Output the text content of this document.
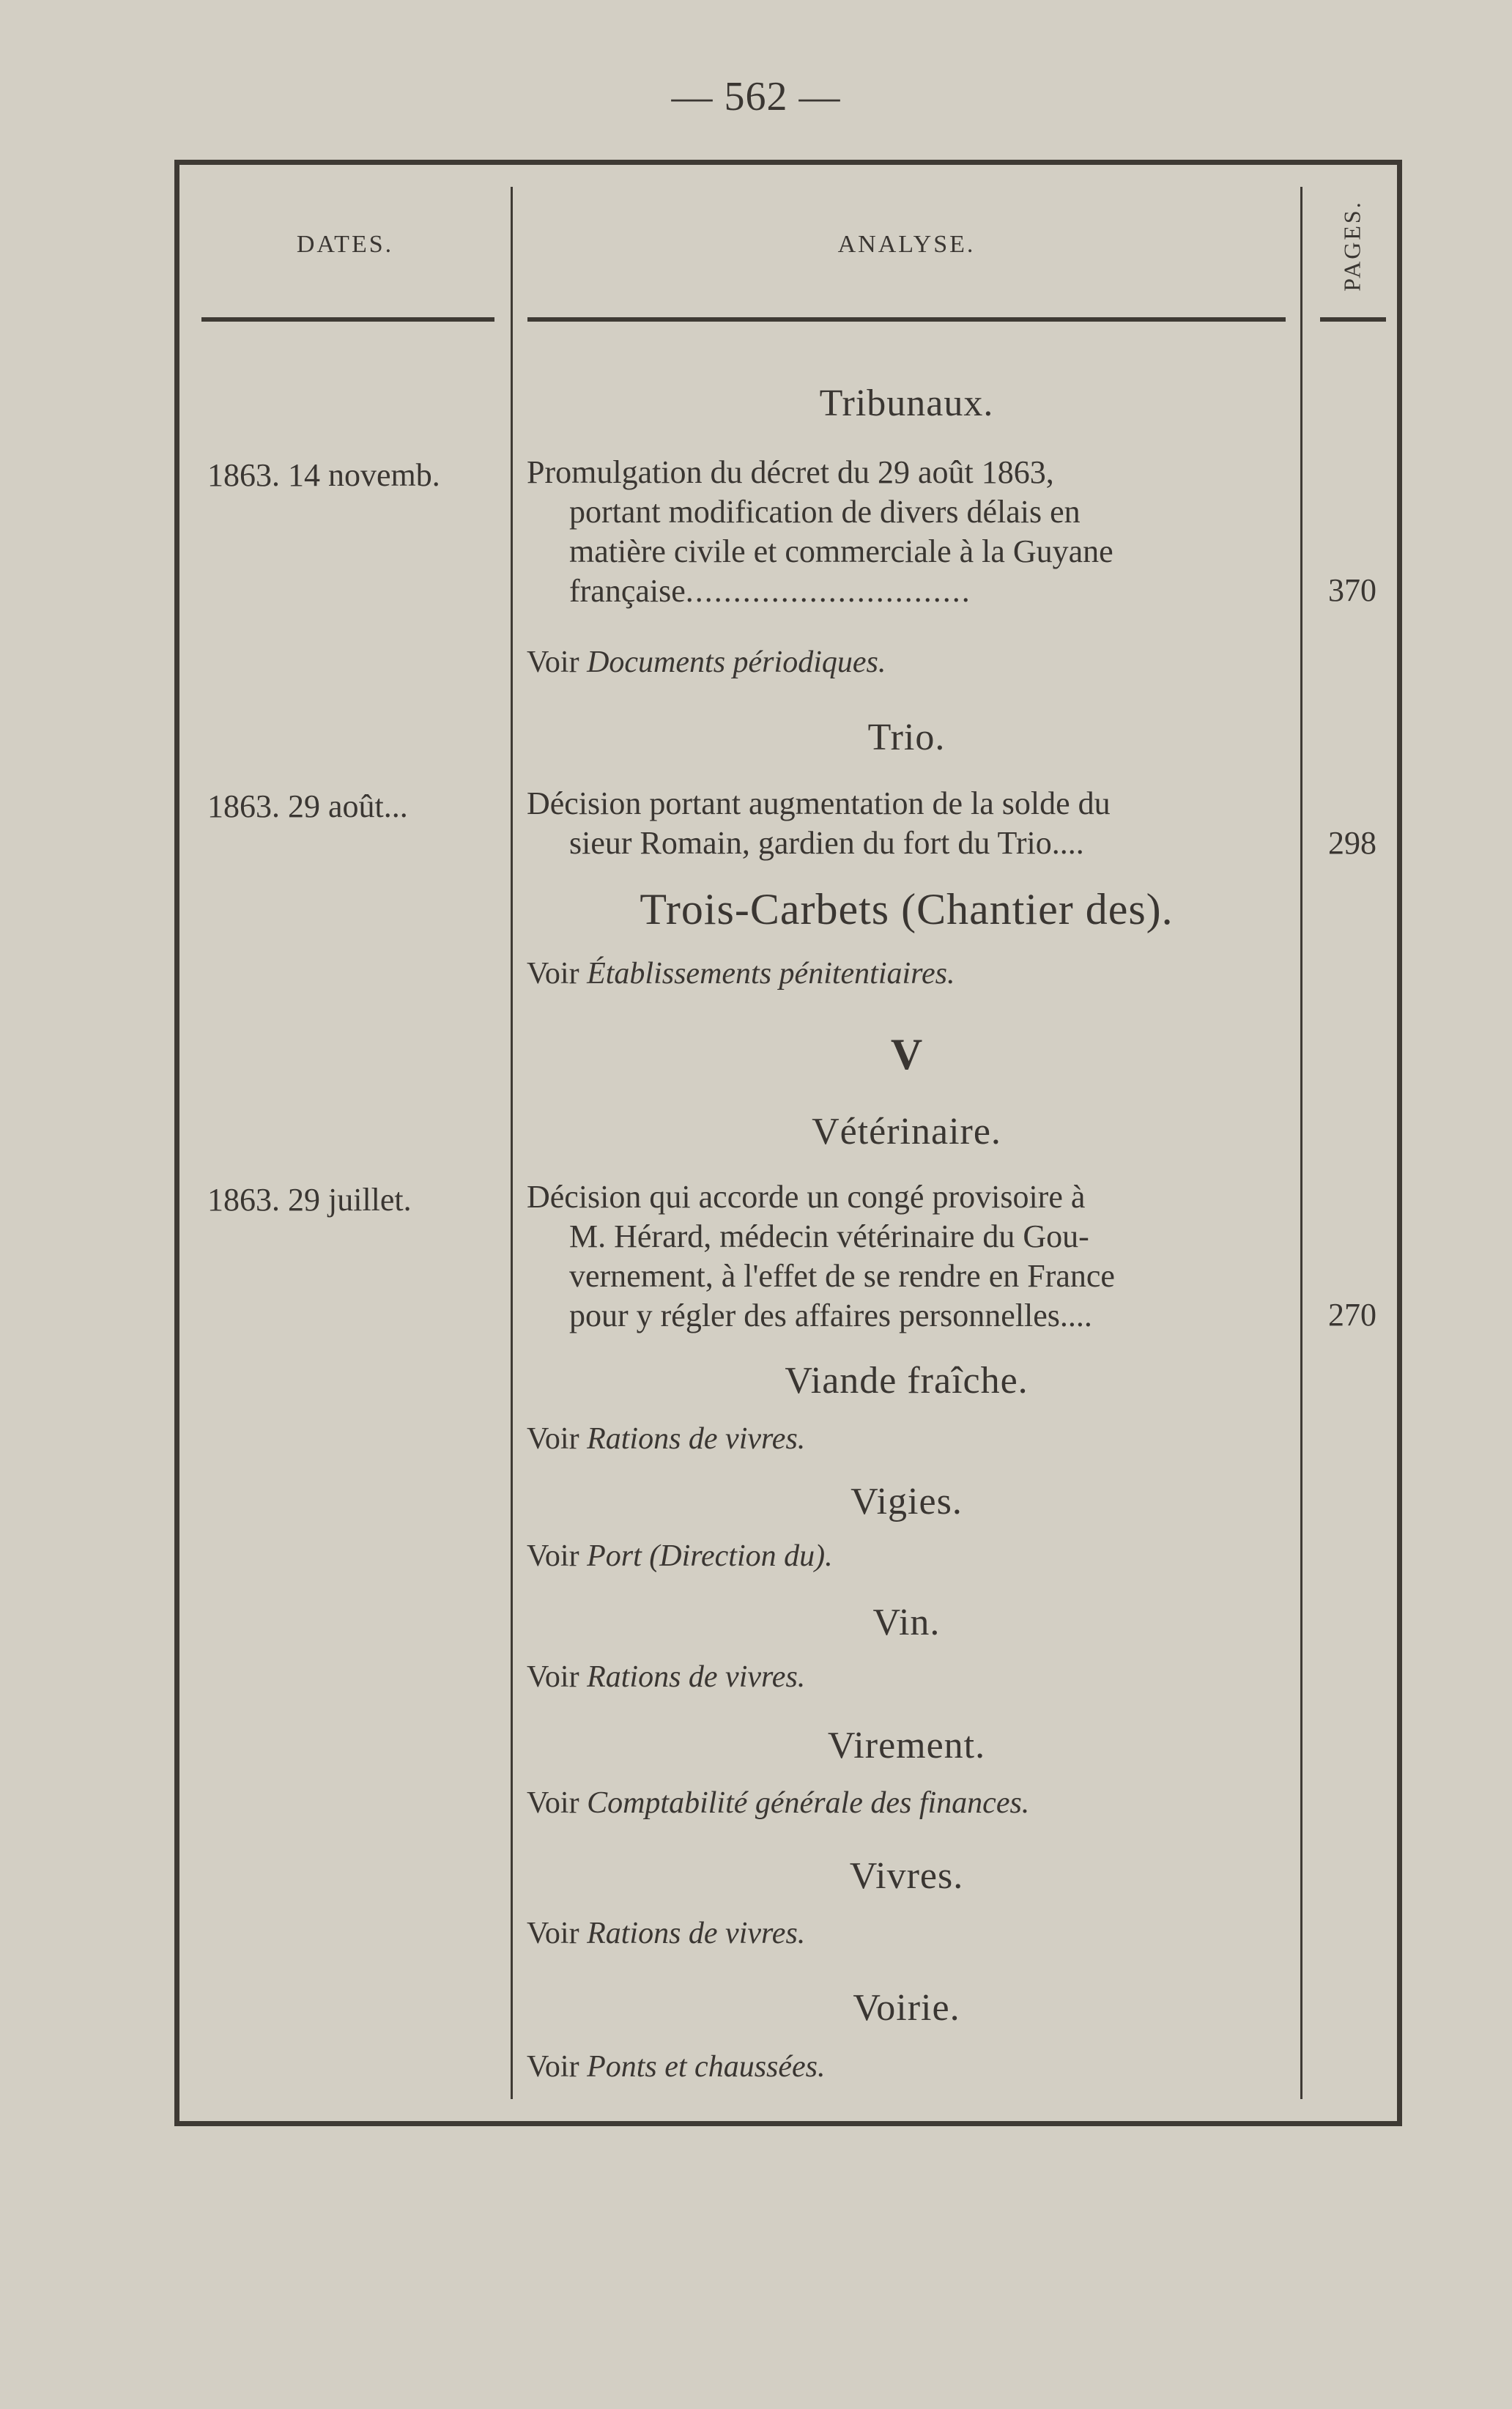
— 562 —
DATES.	ANALYSE.	PAGES.
Tribunaux.
1863. 14 novemb.	Promulgation du décret du 29 août 1863,
portant modification de divers délais en
matière civile et commerciale à la Guyane
française..............................	370
Voir Documents périodiques.
Trio.
1863. 29 août...	Décision portant augmentation de la solde du
sieur Romain, gardien du fort du Trio....	298
Trois-Carbets (Chantier des).
Voir Établissements pénitentiaires.
V
Vétérinaire.
1863. 29 juillet.	Décision qui accorde un congé provisoire à
M. Hérard, médecin vétérinaire du Gou-
vernement, à l'effet de se rendre en France
pour y régler des affaires personnelles....	270
Viande fraîche.
Voir Rations de vivres.
Vigies.
Voir Port (Direction du).
Vin.
Voir Rations de vivres.
Virement.
Voir Comptabilité générale des finances.
Vivres.
Voir Rations de vivres.
Voirie.
Voir Ponts et chaussées.
